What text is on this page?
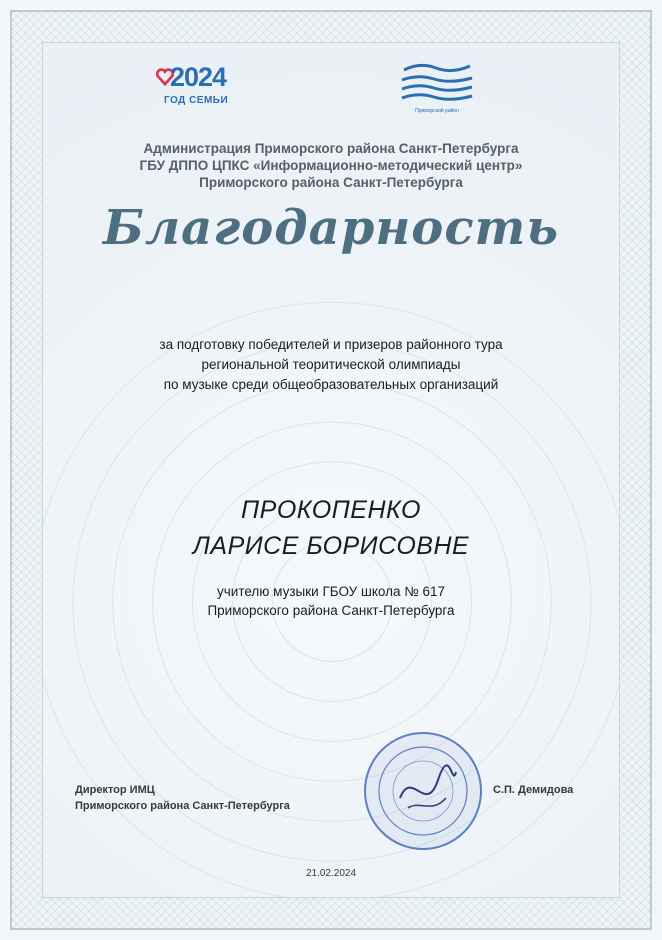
2024
ГОД СЕМЬИ
Приморский район
Администрация Приморского района Санкт-Петербурга
ГБУ ДППО ЦПКС «Информационно-методический центр»
Приморского района Санкт-Петербурга
Благодарность
за подготовку победителей и призеров районного тура
региональной теоритической олимпиады
по музыке среди общеобразовательных организаций
ПРОКОПЕНКО
ЛАРИСЕ БОРИСОВНЕ
учителю музыки ГБОУ школа № 617
Приморского района Санкт-Петербурга
Директор ИМЦ
Приморского района Санкт-Петербурга
С.П. Демидова
21.02.2024
